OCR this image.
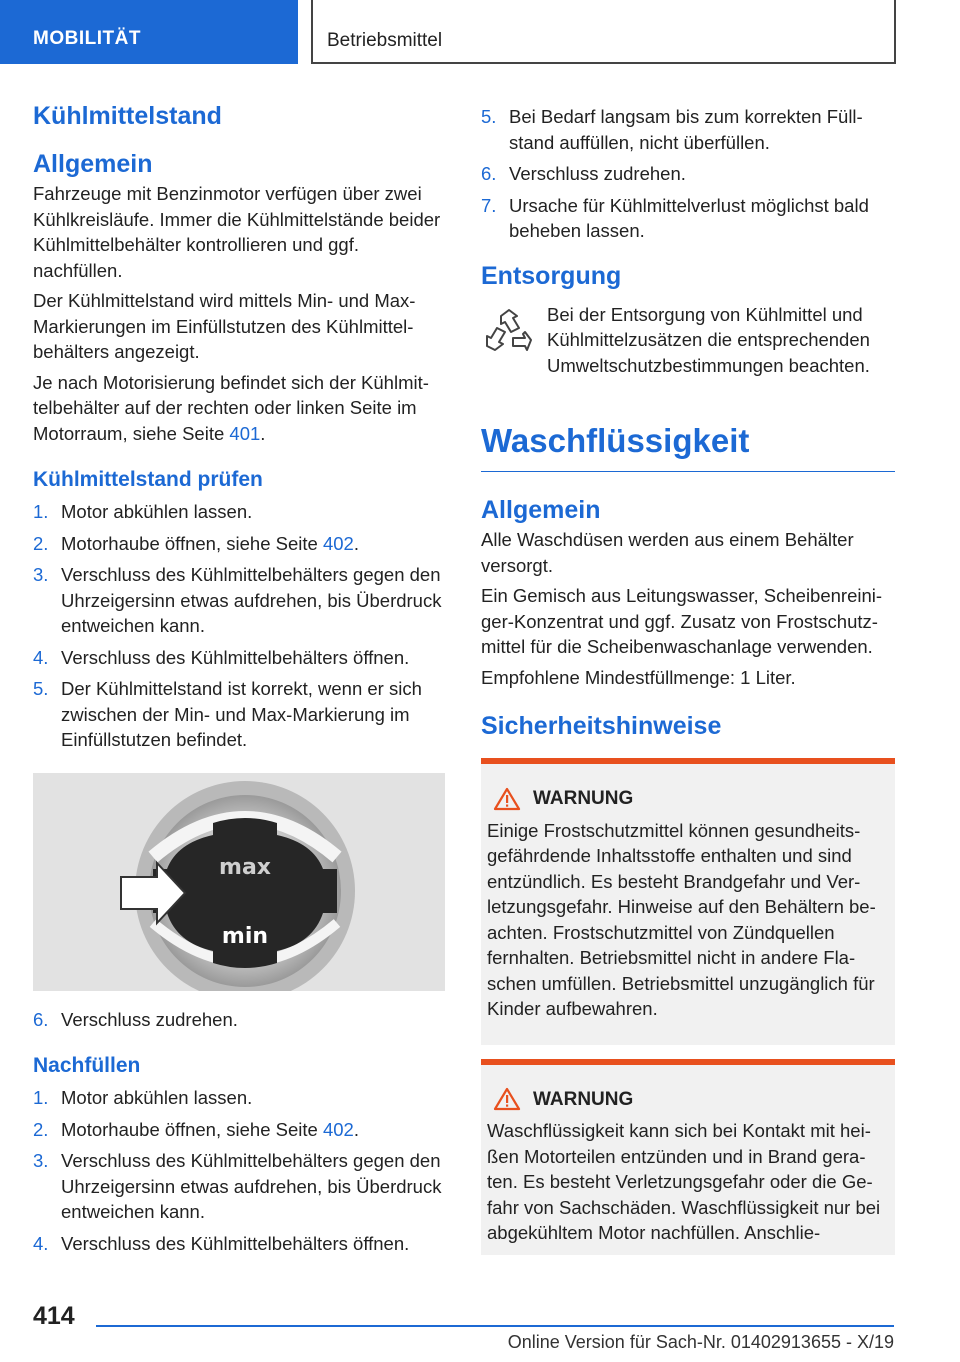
MOBILITÄT	Betriebsmittel
Kühlmittelstand
Allgemein

Fahrzeuge mit Benzinmotor verfügen über zwei Kühlkreisläufe. Immer die Kühlmittelstände beider Kühlmittelbehälter kontrollieren und ggf. nachfüllen.

Der Kühlmittelstand wird mittels Min- und Max-Markierungen im Einfüllstutzen des Kühlmittelbehälters angezeigt.

Je nach Motorisierung befindet sich der Kühlmittelbehälter auf der rechten oder linken Seite im Motorraum, siehe Seite 401.

Kühlmittelstand prüfen
1. Motor abkühlen lassen.
2. Motorhaube öffnen, siehe Seite 402.
3. Verschluss des Kühlmittelbehälters gegen den Uhrzeigersinn etwas aufdrehen, bis Überdruck entweichen kann.
4. Verschluss des Kühlmittelbehälters öffnen.
5. Der Kühlmittelstand ist korrekt, wenn er sich zwischen der Min- und Max-Markierung im Einfüllstutzen befindet.
max
min
6. Verschluss zudrehen.
Nachfüllen
1. Motor abkühlen lassen.
2. Motorhaube öffnen, siehe Seite 402.
3. Verschluss des Kühlmittelbehälters gegen den Uhrzeigersinn etwas aufdrehen, bis Überdruck entweichen kann.
4. Verschluss des Kühlmittelbehälters öffnen.
5. Bei Bedarf langsam bis zum korrekten Füllstand auffüllen, nicht überfüllen.
6. Verschluss zudrehen.
7. Ursache für Kühlmittelverlust möglichst bald beheben lassen.
Entsorgung

Bei der Entsorgung von Kühlmittel und Kühlmittelzusätzen die entsprechenden Umweltschutzbestimmungen beachten.

Waschflüssigkeit
Allgemein

Alle Waschdüsen werden aus einem Behälter versorgt.

Ein Gemisch aus Leitungswasser, Scheibenreiniger-Konzentrat und ggf. Zusatz von Frostschutzmittel für die Scheibenwaschanlage verwenden.

Empfohlene Mindestfüllmenge: 1 Liter.

Sicherheitshinweise
WARNUNG

Einige Frostschutzmittel können gesundheitsgefährdende Inhaltsstoffe enthalten und sind entzündlich. Es besteht Brandgefahr und Verletzungsgefahr. Hinweise auf den Behältern beachten. Frostschutzmittel von Zündquellen fernhalten. Betriebsmittel nicht in andere Flaschen umfüllen. Betriebsmittel unzugänglich für Kinder aufbewahren.

WARNUNG

Waschflüssigkeit kann sich bei Kontakt mit heißen Motorteilen entzünden und in Brand geraten. Es besteht Verletzungsgefahr oder die Gefahr von Sachschäden. Waschflüssigkeit nur bei abgekühltem Motor nachfüllen. Anschlie-

414
Online Version für Sach-Nr. 01402913655 - X/19
